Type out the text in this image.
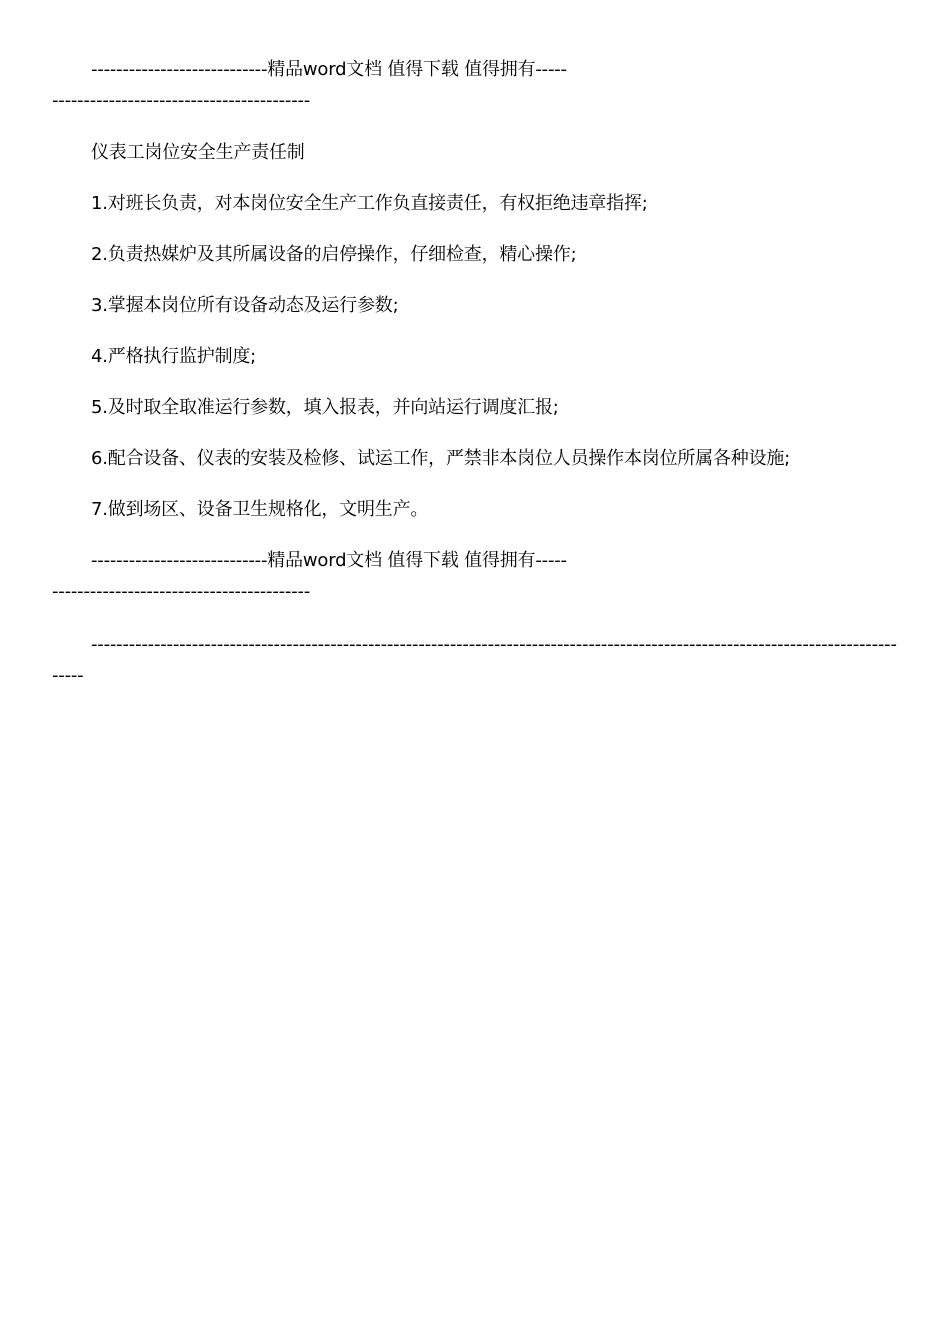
----------------------------精品word文档 值得下载 值得拥有----------------------------------------------
仪表工岗位安全生产责任制
1.对班长负责，对本岗位安全生产工作负直接责任，有权拒绝违章指挥;
2.负责热媒炉及其所属设备的启停操作，仔细检查，精心操作;
3.掌握本岗位所有设备动态及运行参数;
4.严格执行监护制度;
5.及时取全取准运行参数，填入报表，并向站运行调度汇报;
6.配合设备、仪表的安装及检修、试运工作，严禁非本岗位人员操作本岗位所属各种设施;
7.做到场区、设备卫生规格化，文明生产。
----------------------------精品word文档 值得下载 值得拥有----------------------------------------------
-------------------------------------------------------------------------------------------------------------------------------------
